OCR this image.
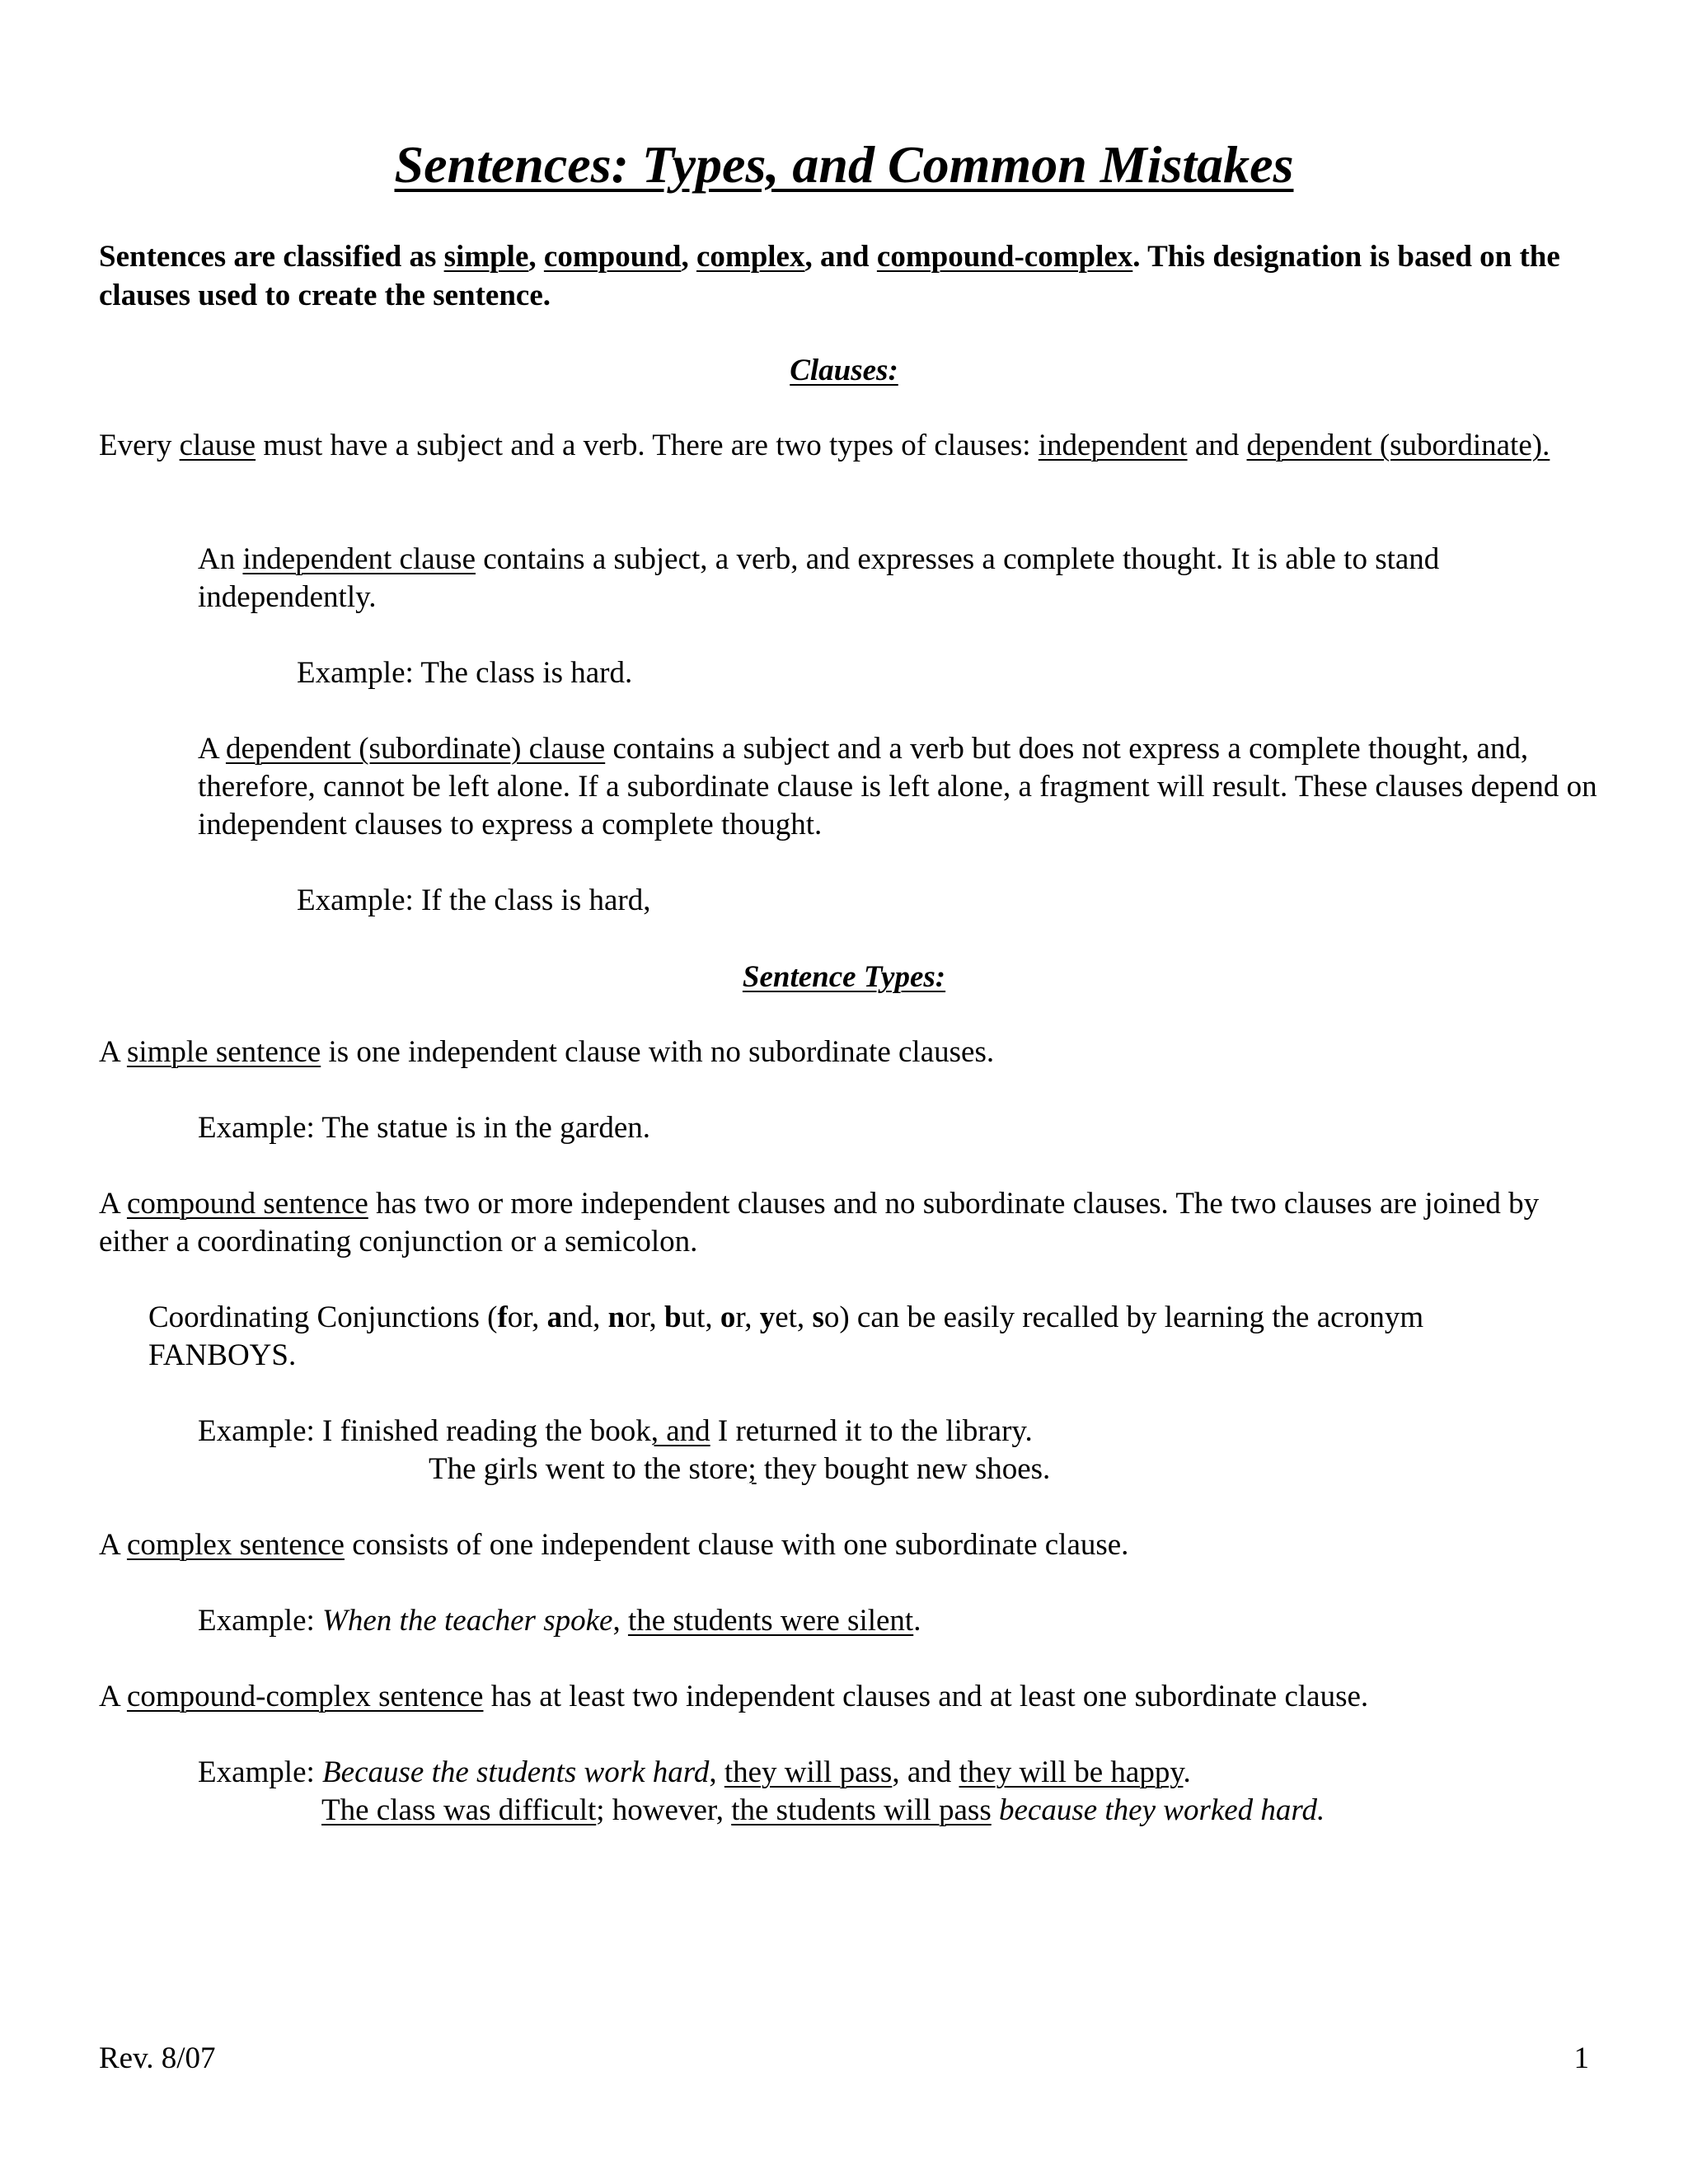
Sentences: Types, and Common Mistakes
Sentences are classified as simple, compound, complex, and compound-complex. This designation is based on the clauses used to create the sentence.
Clauses:
Every clause must have a subject and a verb. There are two types of clauses: independent and dependent (subordinate).
An independent clause contains a subject, a verb, and expresses a complete thought. It is able to stand independently.
Example: The class is hard.
A dependent (subordinate) clause contains a subject and a verb but does not express a complete thought, and, therefore, cannot be left alone. If a subordinate clause is left alone, a fragment will result. These clauses depend on independent clauses to express a complete thought.
Example: If the class is hard,
Sentence Types:
A simple sentence is one independent clause with no subordinate clauses.
Example: The statue is in the garden.
A compound sentence has two or more independent clauses and no subordinate clauses. The two clauses are joined by either a coordinating conjunction or a semicolon.
Coordinating Conjunctions (for, and, nor, but, or, yet, so) can be easily recalled by learning the acronym FANBOYS.
Example: I finished reading the book, and I returned it to the library.
The girls went to the store; they bought new shoes.
A complex sentence consists of one independent clause with one subordinate clause.
Example: When the teacher spoke, the students were silent.
A compound-complex sentence has at least two independent clauses and at least one subordinate clause.
Example: Because the students work hard, they will pass, and they will be happy.
The class was difficult; however, the students will pass because they worked hard.
Rev. 8/07	1
